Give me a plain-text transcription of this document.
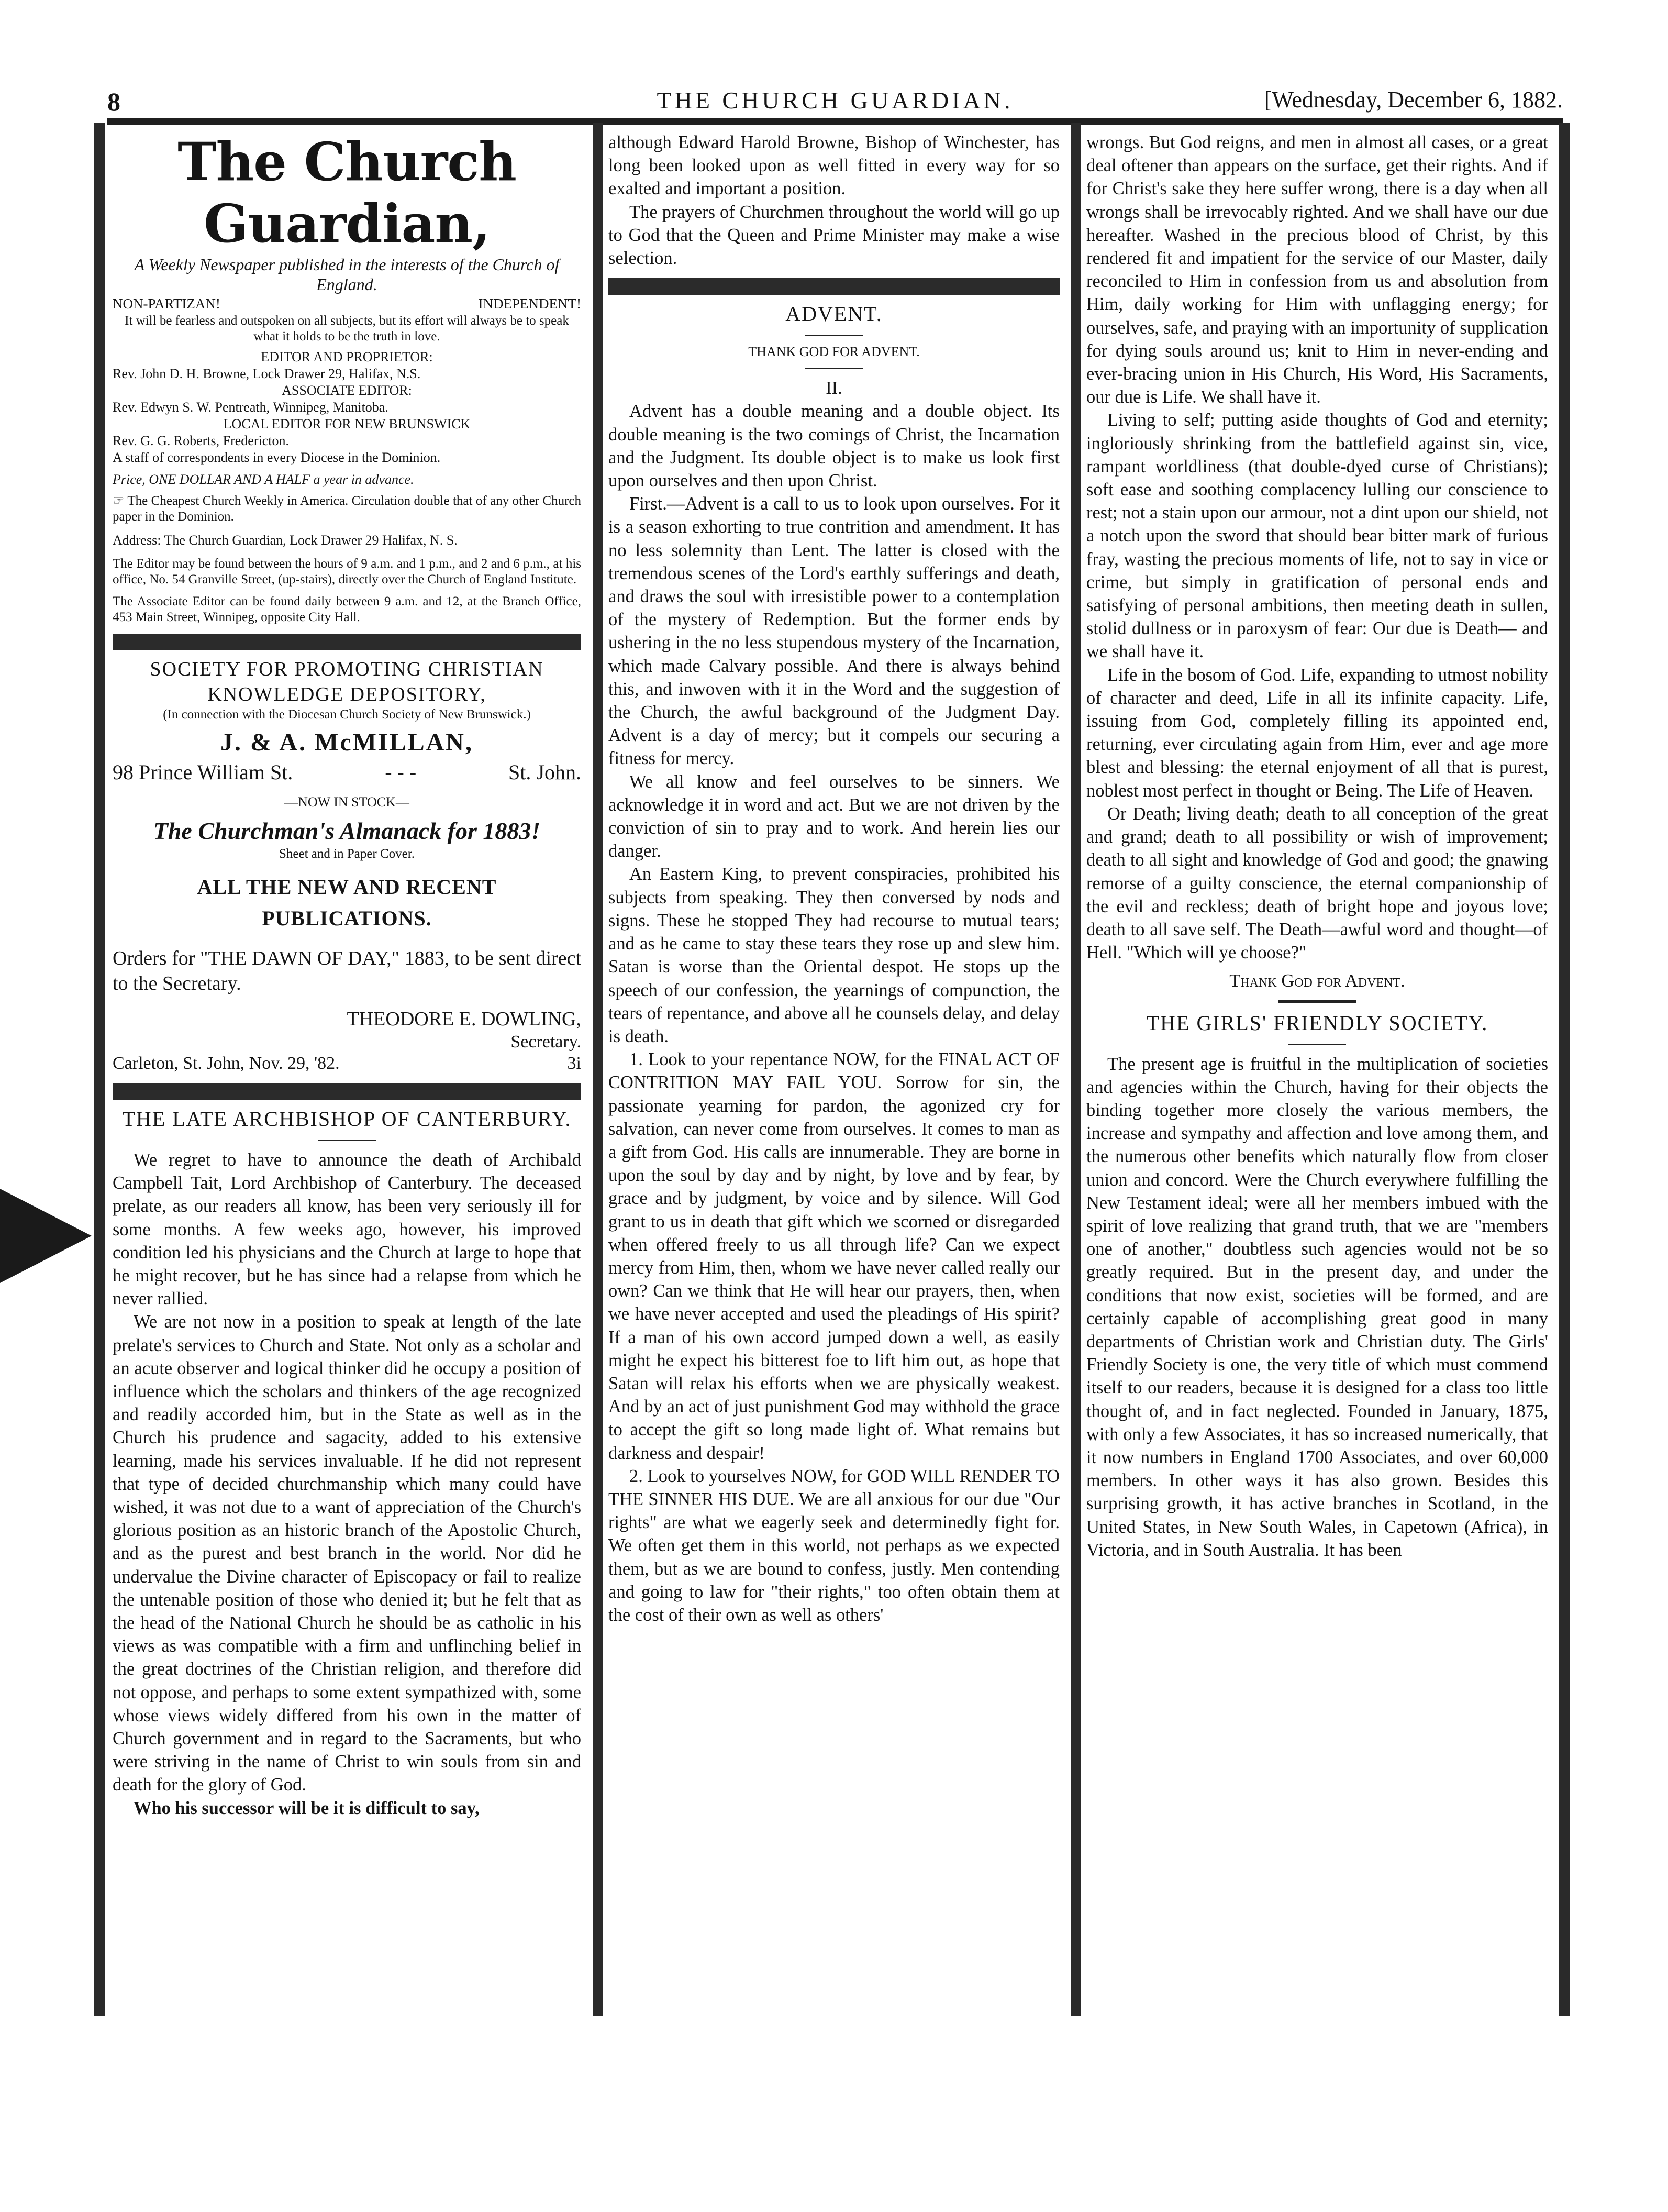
8	THE CHURCH GUARDIAN.	[Wednesday, December 6, 1882.
The Church Guardian,
A Weekly Newspaper published in the interests of the Church of England.
NON-PARTIZAN!	INDEPENDENT!
It will be fearless and outspoken on all subjects, but its effort will always be to speak what it holds to be the truth in love.
EDITOR AND PROPRIETOR:
Rev. John D. H. Browne, Lock Drawer 29, Halifax, N.S.
ASSOCIATE EDITOR:
Rev. Edwyn S. W. Pentreath, Winnipeg, Manitoba.
LOCAL EDITOR FOR NEW BRUNSWICK
Rev. G. G. Roberts, Fredericton.
A staff of correspondents in every Diocese in the Dominion.
Price, ONE DOLLAR AND A HALF a year in advance.
☞ The Cheapest Church Weekly in America. Circulation double that of any other Church paper in the Dominion.
Address: The Church Guardian, Lock Drawer 29 Halifax, N. S.
The Editor may be found between the hours of 9 a.m. and 1 p.m., and 2 and 6 p.m., at his office, No. 54 Granville Street, (up-stairs), directly over the Church of England Institute.
The Associate Editor can be found daily between 9 a.m. and 12, at the Branch Office, 453 Main Street, Winnipeg, opposite City Hall.
SOCIETY FOR PROMOTING CHRISTIAN KNOWLEDGE DEPOSITORY,
(In connection with the Diocesan Church Society of New Brunswick.)
J. & A. McMILLAN,
98 Prince William St.	- - -	St. John.
—NOW IN STOCK—
The Churchman's Almanack for 1883!
Sheet and in Paper Cover.
ALL THE NEW AND RECENT PUBLICATIONS.

Orders for "THE DAWN OF DAY," 1883, to be sent direct to the Secretary.

THEODORE E. DOWLING,
Secretary.
Carleton, St. John, Nov. 29, '82.	3i
THE LATE ARCHBISHOP OF CANTERBURY.

We regret to have to announce the death of Archibald Campbell Tait, Lord Archbishop of Canterbury. The deceased prelate, as our readers all know, has been very seriously ill for some months. A few weeks ago, however, his improved condition led his physicians and the Church at large to hope that he might recover, but he has since had a relapse from which he never rallied.

We are not now in a position to speak at length of the late prelate's services to Church and State. Not only as a scholar and an acute observer and logical thinker did he occupy a position of influence which the scholars and thinkers of the age recognized and readily accorded him, but in the State as well as in the Church his prudence and sagacity, added to his extensive learning, made his services invaluable. If he did not represent that type of decided churchmanship which many could have wished, it was not due to a want of appreciation of the Church's glorious position as an historic branch of the Apostolic Church, and as the purest and best branch in the world. Nor did he undervalue the Divine character of Episcopacy or fail to realize the untenable position of those who denied it; but he felt that as the head of the National Church he should be as catholic in his views as was compatible with a firm and unflinching belief in the great doctrines of the Christian religion, and therefore did not oppose, and perhaps to some extent sympathized with, some whose views widely differed from his own in the matter of Church government and in regard to the Sacraments, but who were striving in the name of Christ to win souls from sin and death for the glory of God.

Who his successor will be it is difficult to say,

although Edward Harold Browne, Bishop of Winchester, has long been looked upon as well fitted in every way for so exalted and important a position.

The prayers of Churchmen throughout the world will go up to God that the Queen and Prime Minister may make a wise selection.

ADVENT.
THANK GOD FOR ADVENT.
II.

Advent has a double meaning and a double object. Its double meaning is the two comings of Christ, the Incarnation and the Judgment. Its double object is to make us look first upon ourselves and then upon Christ.

First.—Advent is a call to us to look upon ourselves. For it is a season exhorting to true contrition and amendment. It has no less solemnity than Lent. The latter is closed with the tremendous scenes of the Lord's earthly sufferings and death, and draws the soul with irresistible power to a contemplation of the mystery of Redemption. But the former ends by ushering in the no less stupendous mystery of the Incarnation, which made Calvary possible. And there is always behind this, and inwoven with it in the Word and the suggestion of the Church, the awful background of the Judgment Day. Advent is a day of mercy; but it compels our securing a fitness for mercy.

We all know and feel ourselves to be sinners. We acknowledge it in word and act. But we are not driven by the conviction of sin to pray and to work. And herein lies our danger.

An Eastern King, to prevent conspiracies, prohibited his subjects from speaking. They then conversed by nods and signs. These he stopped They had recourse to mutual tears; and as he came to stay these tears they rose up and slew him. Satan is worse than the Oriental despot. He stops up the speech of our confession, the yearnings of compunction, the tears of repentance, and above all he counsels delay, and delay is death.

1. Look to your repentance NOW, for the FINAL ACT OF CONTRITION MAY FAIL YOU. Sorrow for sin, the passionate yearning for pardon, the agonized cry for salvation, can never come from ourselves. It comes to man as a gift from God. His calls are innumerable. They are borne in upon the soul by day and by night, by love and by fear, by grace and by judgment, by voice and by silence. Will God grant to us in death that gift which we scorned or disregarded when offered freely to us all through life? Can we expect mercy from Him, then, whom we have never called really our own? Can we think that He will hear our prayers, then, when we have never accepted and used the pleadings of His spirit? If a man of his own accord jumped down a well, as easily might he expect his bitterest foe to lift him out, as hope that Satan will relax his efforts when we are physically weakest. And by an act of just punishment God may withhold the grace to accept the gift so long made light of. What remains but darkness and despair!

2. Look to yourselves NOW, for GOD WILL RENDER TO THE SINNER HIS DUE. We are all anxious for our due "Our rights" are what we eagerly seek and determinedly fight for. We often get them in this world, not perhaps as we expected them, but as we are bound to confess, justly. Men contending and going to law for "their rights," too often obtain them at the cost of their own as well as others'

wrongs. But God reigns, and men in almost all cases, or a great deal oftener than appears on the surface, get their rights. And if for Christ's sake they here suffer wrong, there is a day when all wrongs shall be irrevocably righted. And we shall have our due hereafter. Washed in the precious blood of Christ, by this rendered fit and impatient for the service of our Master, daily reconciled to Him in confession from us and absolution from Him, daily working for Him with unflagging energy; for ourselves, safe, and praying with an importunity of supplication for dying souls around us; knit to Him in never-ending and ever-bracing union in His Church, His Word, His Sacraments, our due is Life. We shall have it.

Living to self; putting aside thoughts of God and eternity; ingloriously shrinking from the battlefield against sin, vice, rampant worldliness (that double-dyed curse of Christians); soft ease and soothing complacency lulling our conscience to rest; not a stain upon our armour, not a dint upon our shield, not a notch upon the sword that should bear bitter mark of furious fray, wasting the precious moments of life, not to say in vice or crime, but simply in gratification of personal ends and satisfying of personal ambitions, then meeting death in sullen, stolid dullness or in paroxysm of fear: Our due is Death— and we shall have it.

Life in the bosom of God. Life, expanding to utmost nobility of character and deed, Life in all its infinite capacity. Life, issuing from God, completely filling its appointed end, returning, ever circulating again from Him, ever and age more blest and blessing: the eternal enjoyment of all that is purest, noblest most perfect in thought or Being. The Life of Heaven.

Or Death; living death; death to all conception of the great and grand; death to all possibility or wish of improvement; death to all sight and knowledge of God and good; the gnawing remorse of a guilty conscience, the eternal companionship of the evil and reckless; death of bright hope and joyous love; death to all save self. The Death—awful word and thought—of Hell. "Which will ye choose?"

Thank God for Advent.
THE GIRLS' FRIENDLY SOCIETY.

The present age is fruitful in the multiplication of societies and agencies within the Church, having for their objects the binding together more closely the various members, the increase and sympathy and affection and love among them, and the numerous other benefits which naturally flow from closer union and concord. Were the Church everywhere fulfilling the New Testament ideal; were all her members imbued with the spirit of love realizing that grand truth, that we are "members one of another," doubtless such agencies would not be so greatly required. But in the present day, and under the conditions that now exist, societies will be formed, and are certainly capable of accomplishing great good in many departments of Christian work and Christian duty. The Girls' Friendly Society is one, the very title of which must commend itself to our readers, because it is designed for a class too little thought of, and in fact neglected. Founded in January, 1875, with only a few Associates, it has so increased numerically, that it now numbers in England 1700 Associates, and over 60,000 members. In other ways it has also grown. Besides this surprising growth, it has active branches in Scotland, in the United States, in New South Wales, in Capetown (Africa), in Victoria, and in South Australia. It has been
